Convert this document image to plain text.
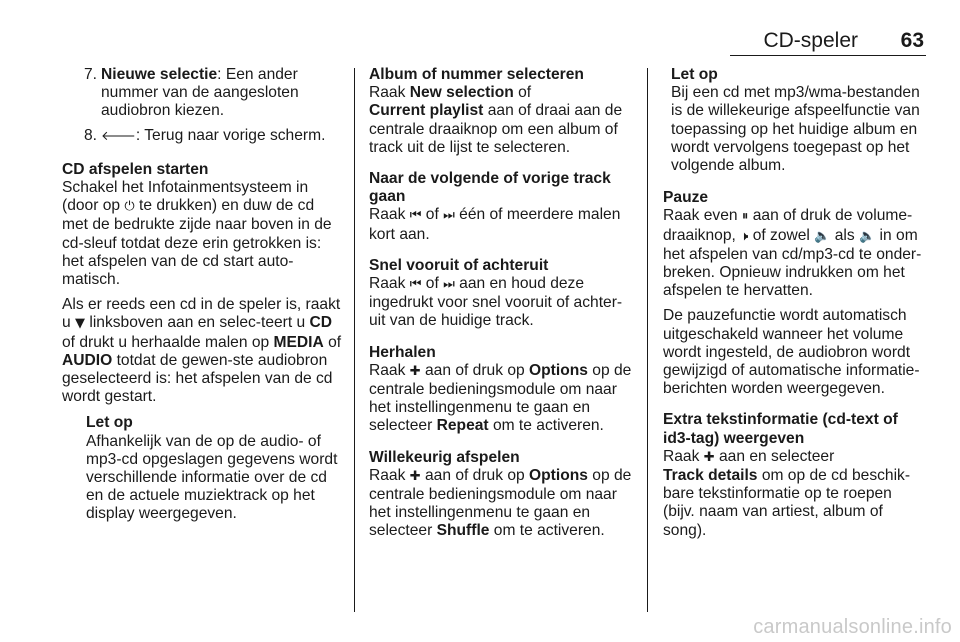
CD-speler	63
7. Nieuwe selectie: Een ander nummer van de aangesloten audiobron kiezen.
8. 🡐: Terug naar vorige scherm.
CD afspelen starten

Schakel het Infotainmentsysteem in (door op ⏻ te drukken) en duw de cd met de bedrukte zijde naar boven in de cd-sleuf totdat deze erin getrokken is: het afspelen van de cd start auto-matisch.

Als er reeds een cd in de speler is, raakt u ▼ linksboven aan en selec-teert u CD of drukt u herhaalde malen op MEDIA of AUDIO totdat de gewen-ste audiobron geselecteerd is: het afspelen van de cd wordt gestart.

Let op
Afhankelijk van de op de audio- of mp3-cd opgeslagen gegevens wordt verschillende informatie over de cd en de actuele muziektrack op het display weergegeven.
Album of nummer selecteren
Raak New selection of
Current playlist aan of draai aan de centrale draaiknop om een album of track uit de lijst te selecteren.
Naar de volgende of vorige track gaan
Raak ⏮ of ⏭ één of meerdere malen kort aan.
Snel vooruit of achteruit
Raak ⏮ of ⏭ aan en houd deze ingedrukt voor snel vooruit of achter-uit van de huidige track.
Herhalen
Raak ✚ aan of druk op Options op de centrale bedieningsmodule om naar het instellingenmenu te gaan en selecteer Repeat om te activeren.
Willekeurig afspelen
Raak ✚ aan of druk op Options op de centrale bedieningsmodule om naar het instellingenmenu te gaan en selecteer Shuffle om te activeren.
Let op
Bij een cd met mp3/wma-bestanden is de willekeurige afspeelfunctie van toepassing op het huidige album en wordt vervolgens toegepast op het volgende album.
Pauze

Raak even ⏸ aan of druk de volume-draaiknop, 🕨 of zowel 🔈 als 🔈 in om het afspelen van cd/mp3-cd te onder-breken. Opnieuw indrukken om het afspelen te hervatten.

De pauzefunctie wordt automatisch uitgeschakeld wanneer het volume wordt ingesteld, de audiobron wordt gewijzigd of automatische informatie-berichten worden weergegeven.

Extra tekstinformatie (cd-text of id3-tag) weergeven
Raak ✚ aan en selecteer
Track details om op de cd beschik-bare tekstinformatie op te roepen (bijv. naam van artiest, album of song).
carmanualsonline.info
